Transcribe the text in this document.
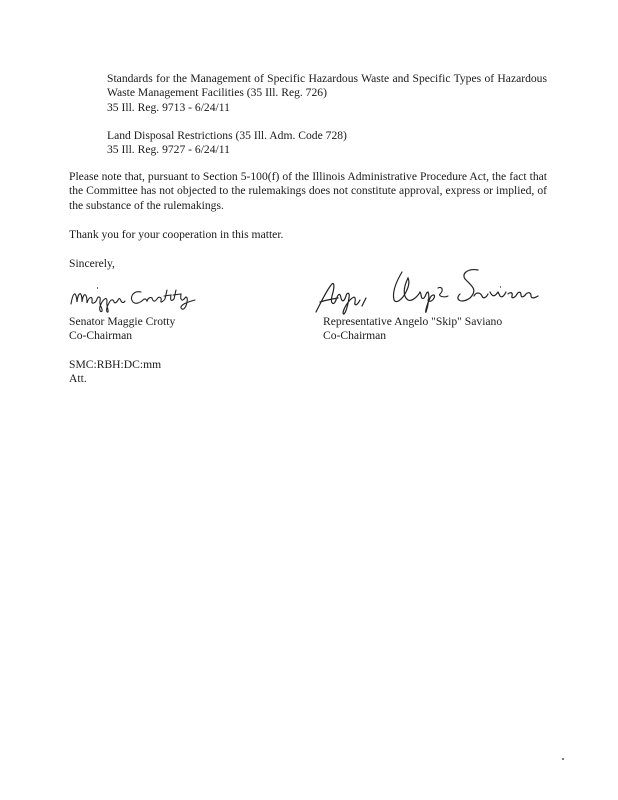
Standards for the Management of Specific Hazardous Waste and Specific Types of Hazardous Waste Management Facilities (35 Ill. Reg. 726)
35 Ill. Reg. 9713 - 6/24/11
Land Disposal Restrictions (35 Ill. Adm. Code 728)
35 Ill. Reg. 9727 - 6/24/11
Please note that, pursuant to Section 5-100(f) of the Illinois Administrative Procedure Act, the fact that the Committee has not objected to the rulemakings does not constitute approval, express or implied, of the substance of the rulemakings.
Thank you for your cooperation in this matter.
Sincerely,
Senator Maggie Crotty
Co-Chairman
Representative Angelo "Skip" Saviano
Co-Chairman
SMC:RBH:DC:mm
Att.
